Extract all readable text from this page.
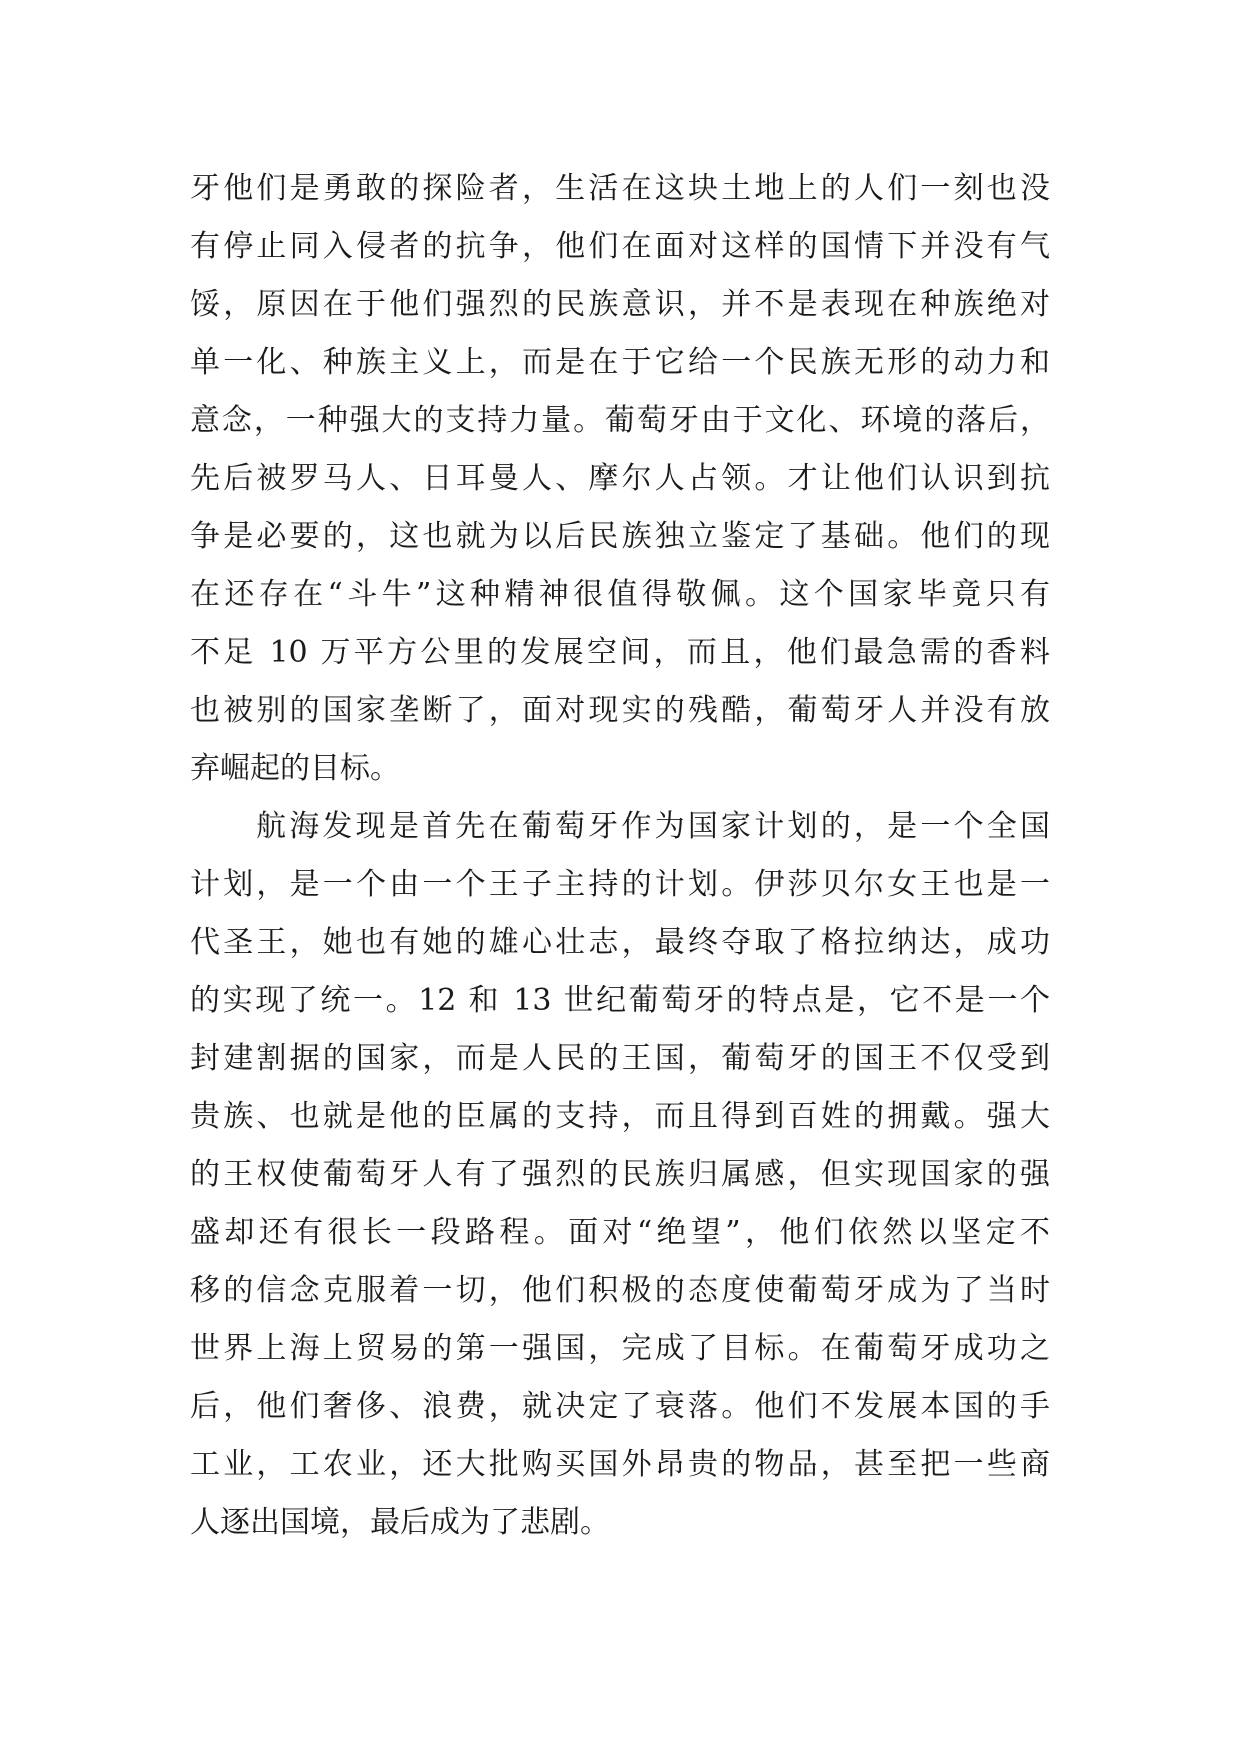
牙他们是勇敢的探险者，生活在这块土地上的人们一刻也没
有停止同入侵者的抗争，他们在面对这样的国情下并没有气
馁，原因在于他们强烈的民族意识，并不是表现在种族绝对
单一化、种族主义上，而是在于它给一个民族无形的动力和
意念，一种强大的支持力量。葡萄牙由于文化、环境的落后，
先后被罗马人、日耳曼人、摩尔人占领。才让他们认识到抗
争是必要的，这也就为以后民族独立鉴定了基础。他们的现
在还存在“斗牛”这种精神很值得敬佩。这个国家毕竟只有
不足 10 万平方公里的发展空间，而且，他们最急需的香料
也被别的国家垄断了，面对现实的残酷，葡萄牙人并没有放
弃崛起的目标。
航海发现是首先在葡萄牙作为国家计划的，是一个全国
计划，是一个由一个王子主持的计划。伊莎贝尔女王也是一
代圣王，她也有她的雄心壮志，最终夺取了格拉纳达，成功
的实现了统一。12 和 13 世纪葡萄牙的特点是，它不是一个
封建割据的国家，而是人民的王国，葡萄牙的国王不仅受到
贵族、也就是他的臣属的支持，而且得到百姓的拥戴。强大
的王权使葡萄牙人有了强烈的民族归属感，但实现国家的强
盛却还有很长一段路程。面对“绝望”，他们依然以坚定不
移的信念克服着一切，他们积极的态度使葡萄牙成为了当时
世界上海上贸易的第一强国，完成了目标。在葡萄牙成功之
后，他们奢侈、浪费，就决定了衰落。他们不发展本国的手
工业，工农业，还大批购买国外昂贵的物品，甚至把一些商
人逐出国境，最后成为了悲剧。
